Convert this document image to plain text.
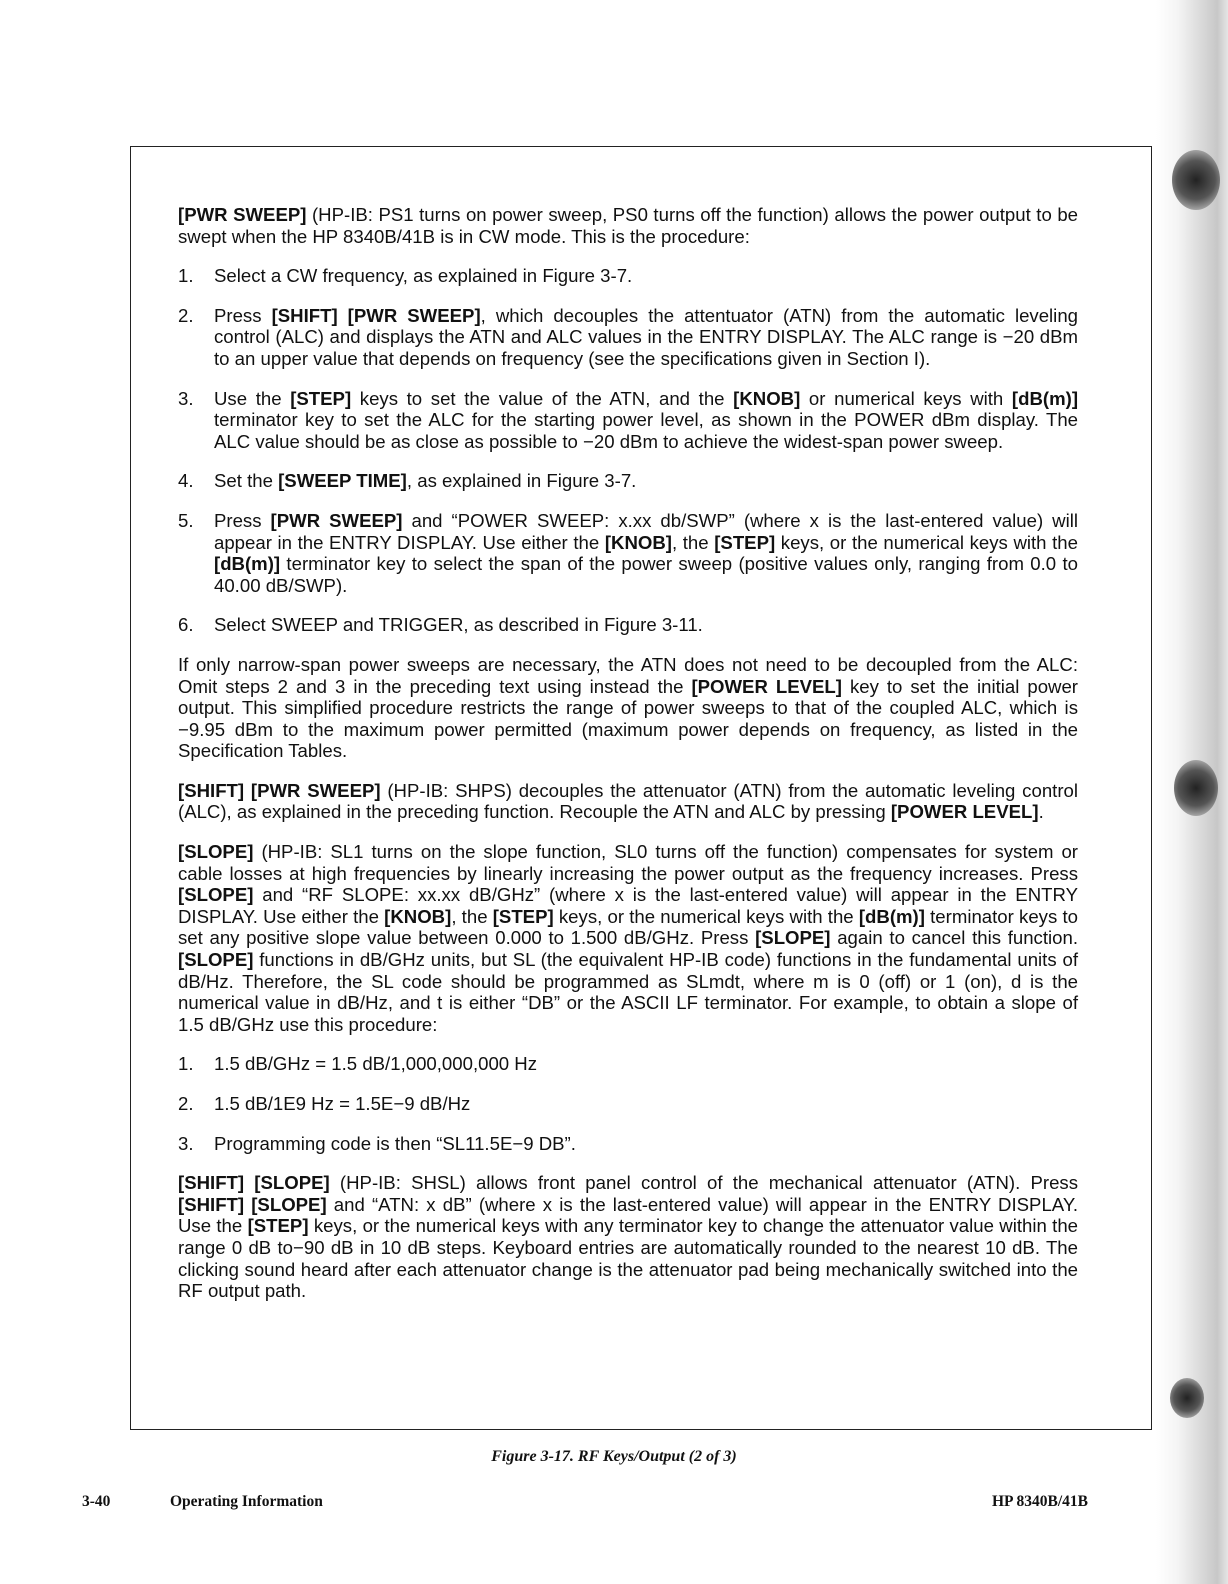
[PWR SWEEP] (HP-IB: PS1 turns on power sweep, PS0 turns off the function) allows the power output to be swept when the HP 8340B/41B is in CW mode. This is the procedure:

1. Select a CW frequency, as explained in Figure 3-7.
2. Press [SHIFT] [PWR SWEEP], which decouples the attentuator (ATN) from the automatic leveling control (ALC) and displays the ATN and ALC values in the ENTRY DISPLAY. The ALC range is −20 dBm to an upper value that depends on frequency (see the specifications given in Section I).
3. Use the [STEP] keys to set the value of the ATN, and the [KNOB] or numerical keys with [dB(m)] terminator key to set the ALC for the starting power level, as shown in the POWER dBm display. The ALC value should be as close as possible to −20 dBm to achieve the widest-span power sweep.
4. Set the [SWEEP TIME], as explained in Figure 3-7.
5. Press [PWR SWEEP] and “POWER SWEEP: x.xx db/SWP” (where x is the last-entered value) will appear in the ENTRY DISPLAY. Use either the [KNOB], the [STEP] keys, or the numerical keys with the [dB(m)] terminator key to select the span of the power sweep (positive values only, ranging from 0.0 to 40.00 dB/SWP).
6. Select SWEEP and TRIGGER, as described in Figure 3-11.

If only narrow-span power sweeps are necessary, the ATN does not need to be decoupled from the ALC: Omit steps 2 and 3 in the preceding text using instead the [POWER LEVEL] key to set the initial power output. This simplified procedure restricts the range of power sweeps to that of the coupled ALC, which is −9.95 dBm to the maximum power permitted (maximum power depends on frequency, as listed in the Specification Tables.

[SHIFT] [PWR SWEEP] (HP-IB: SHPS) decouples the attenuator (ATN) from the automatic leveling control (ALC), as explained in the preceding function. Recouple the ATN and ALC by pressing [POWER LEVEL].

[SLOPE] (HP-IB: SL1 turns on the slope function, SL0 turns off the function) compensates for system or cable losses at high frequencies by linearly increasing the power output as the frequency increases. Press [SLOPE] and “RF SLOPE: xx.xx dB/GHz” (where x is the last-entered value) will appear in the ENTRY DISPLAY. Use either the [KNOB], the [STEP] keys, or the numerical keys with the [dB(m)] terminator keys to set any positive slope value between 0.000 to 1.500 dB/GHz. Press [SLOPE] again to cancel this function. [SLOPE] functions in dB/GHz units, but SL (the equivalent HP-IB code) functions in the fundamental units of dB/Hz. Therefore, the SL code should be programmed as SLmdt, where m is 0 (off) or 1 (on), d is the numerical value in dB/Hz, and t is either “DB” or the ASCII LF terminator. For example, to obtain a slope of 1.5 dB/GHz use this procedure:

1. 1.5 dB/GHz = 1.5 dB/1,000,000,000 Hz
2. 1.5 dB/1E9 Hz = 1.5E−9 dB/Hz
3. Programming code is then “SL11.5E−9 DB”.

[SHIFT] [SLOPE] (HP-IB: SHSL) allows front panel control of the mechanical attenuator (ATN). Press [SHIFT] [SLOPE] and “ATN: x dB” (where x is the last-entered value) will appear in the ENTRY DISPLAY. Use the [STEP] keys, or the numerical keys with any terminator key to change the attenuator value within the range 0 dB to−90 dB in 10 dB steps. Keyboard entries are automatically rounded to the nearest 10 dB. The clicking sound heard after each attenuator change is the attenuator pad being mechanically switched into the RF output path.

Figure 3-17. RF Keys/Output (2 of 3)
3-40	Operating Information	HP 8340B/41B
